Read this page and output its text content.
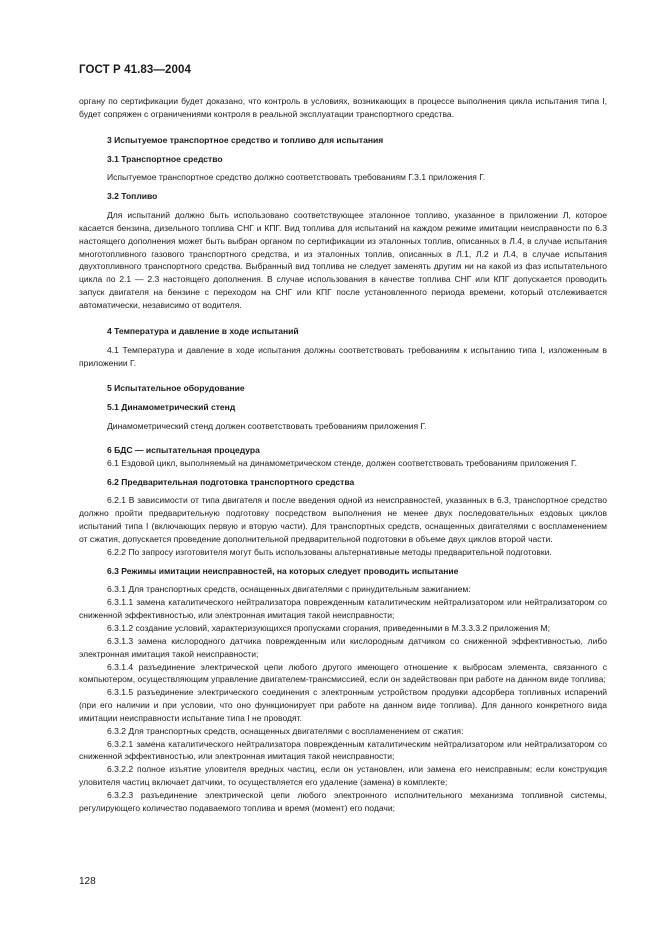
ГОСТ Р 41.83—2004

органу по сертификации будет доказано, что контроль в условиях, возникающих в процессе выполнения цикла испытания типа I, будет сопряжен с ограничениями контроля в реальной эксплуатации транспортного средства.

3 Испытуемое транспортное средство и топливо для испытания

3.1 Транспортное средство

Испытуемое транспортное средство должно соответствовать требованиям Г.3.1 приложения Г.

3.2 Топливо

Для испытаний должно быть использовано соответствующее эталонное топливо, указанное в приложении Л, которое касается бензина, дизельного топлива СНГ и КПГ. Вид топлива для испытаний на каждом режиме имитации неисправности по 6.3 настоящего дополнения может быть выбран органом по сертификации из эталонных топлив, описанных в Л.4, в случае испытания многотопливного газового транспортного средства, и из эталонных топлив, описанных в Л.1, Л.2 и Л.4, в случае испытания двухтопливного транспортного средства. Выбранный вид топлива не следует заменять другим ни на какой из фаз испытательного цикла по 2.1 — 2.3 настоящего дополнения. В случае использования в качестве топлива СНГ или КПГ допускается проводить запуск двигателя на бензине с переходом на СНГ или КПГ после установленного периода времени, который отслеживается автоматически, независимо от водителя.

4 Температура и давление в ходе испытаний

4.1 Температура и давление в ходе испытания должны соответствовать требованиям к испытанию типа I, изложенным в приложении Г.

5 Испытательное оборудование

5.1 Динамометрический стенд

Динамометрический стенд должен соответствовать требованиям приложения Г.

6 БДС — испытательная процедура

6.1 Ездовой цикл, выполняемый на динамометрическом стенде, должен соответствовать требованиям приложения Г.

6.2 Предварительная подготовка транспортного средства

6.2.1 В зависимости от типа двигателя и после введения одной из неисправностей, указанных в 6.3, транспортное средство должно пройти предварительную подготовку посредством выполнения не менее двух последовательных ездовых циклов испытаний типа I (включающих первую и вторую части). Для транспортных средств, оснащенных двигателями с воспламенением от сжатия, допускается проведение дополнительной предварительной подготовки в объеме двух циклов второй части.

6.2.2 По запросу изготовителя могут быть использованы альтернативные методы предварительной подготовки.

6.3 Режимы имитации неисправностей, на которых следует проводить испытание

6.3.1 Для транспортных средств, оснащенных двигателями с принудительным зажиганием:

6.3.1.1 замена каталитического нейтрализатора поврежденным каталитическим нейтрализатором или нейтрализатором со сниженной эффективностью, или электронная имитация такой неисправности;

6.3.1.2 создание условий, характеризующихся пропусками сгорания, приведенными в М.3.3.3.2 приложения М;

6.3.1.3 замена кислородного датчика поврежденным или кислородным датчиком со сниженной эффективностью, либо электронная имитация такой неисправности;

6.3.1.4 разъединение электрической цепи любого другого имеющего отношение к выбросам элемента, связанного с компьютером, осуществляющим управление двигателем-трансмиссией, если он задействован при работе на данном виде топлива;

6.3.1.5 разъединение электрического соединения с электронным устройством продувки адсорбера топливных испарений (при его наличии и при условии, что оно функционирует при работе на данном виде топлива). Для данного конкретного вида имитации неисправности испытание типа I не проводят.

6.3.2 Для транспортных средств, оснащенных двигателями с воспламенением от сжатия:

6.3.2.1 замена каталитического нейтрализатора поврежденным каталитическим нейтрализатором или нейтрализатором со сниженной эффективностью, или электронная имитация такой неисправности;

6.3.2.2 полное изъятие уловителя вредных частиц, если он установлен, или замена его неисправным; если конструкция уловителя частиц включает датчики, то осуществляется его удаление (замена) в комплекте;

6.3.2.3 разъединение электрической цепи любого электронного исполнительного механизма топливной системы, регулирующего количество подаваемого топлива и время (момент) его подачи;

128
